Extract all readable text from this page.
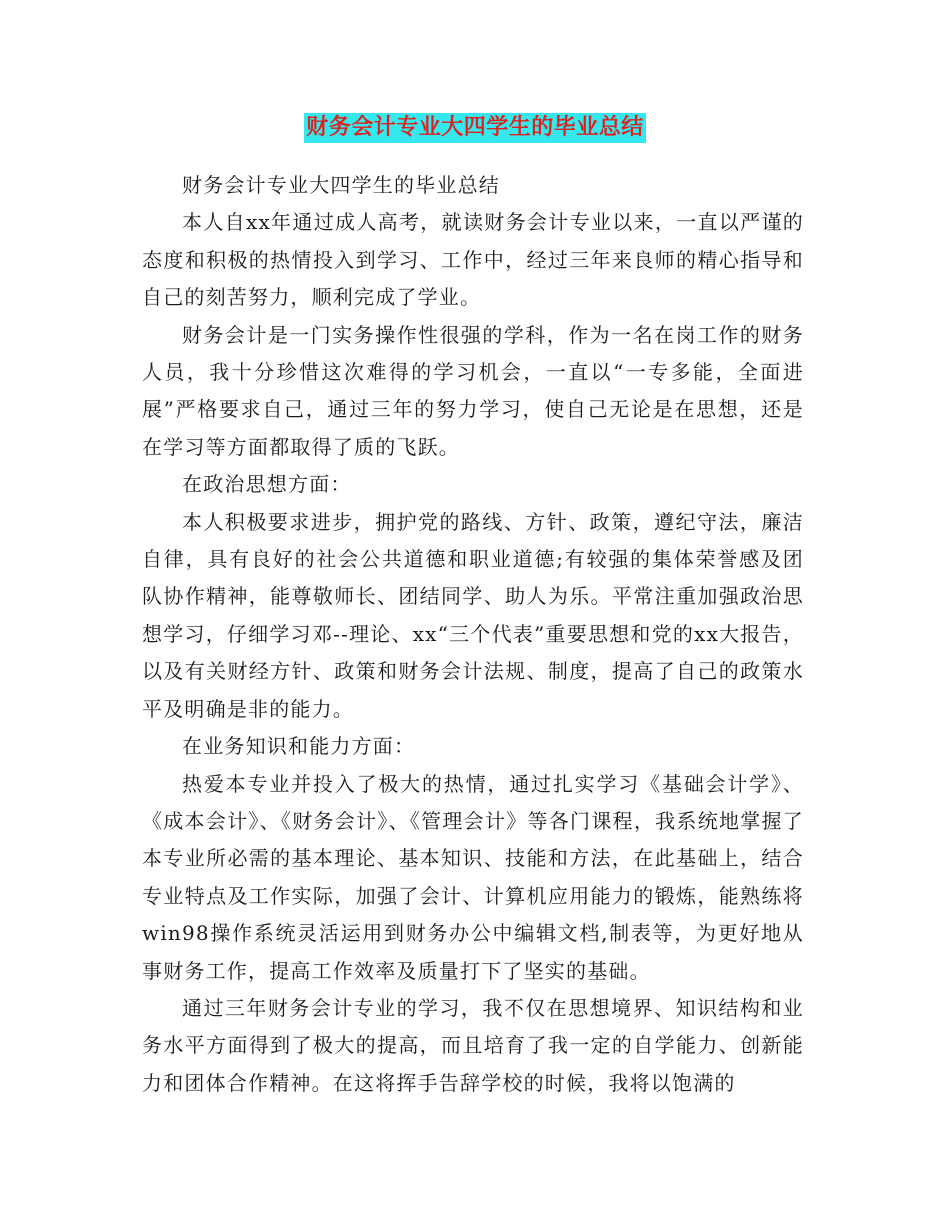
财务会计专业大四学生的毕业总结

财务会计专业大四学生的毕业总结

本人自xx年通过成人高考，就读财务会计专业以来，一直以严谨的态度和积极的热情投入到学习、工作中，经过三年来良师的精心指导和自己的刻苦努力，顺利完成了学业。

财务会计是一门实务操作性很强的学科，作为一名在岗工作的财务人员，我十分珍惜这次难得的学习机会，一直以“一专多能，全面进展”严格要求自己，通过三年的努力学习，使自己无论是在思想，还是在学习等方面都取得了质的飞跃。

在政治思想方面：

本人积极要求进步，拥护党的路线、方针、政策，遵纪守法，廉洁自律，具有良好的社会公共道德和职业道德;有较强的集体荣誉感及团队协作精神，能尊敬师长、团结同学、助人为乐。平常注重加强政治思想学习，仔细学习邓--理论、xx“三个代表”重要思想和党的xx大报告，以及有关财经方针、政策和财务会计法规、制度，提高了自己的政策水平及明确是非的能力。

在业务知识和能力方面：

热爱本专业并投入了极大的热情，通过扎实学习《基础会计学》、《成本会计》、《财务会计》、《管理会计》等各门课程，我系统地掌握了本专业所必需的基本理论、基本知识、技能和方法，在此基础上，结合专业特点及工作实际，加强了会计、计算机应用能力的锻炼，能熟练将win98操作系统灵活运用到财务办公中编辑文档,制表等，为更好地从事财务工作，提高工作效率及质量打下了坚实的基础。

通过三年财务会计专业的学习，我不仅在思想境界、知识结构和业务水平方面得到了极大的提高，而且培育了我一定的自学能力、创新能力和团体合作精神。在这将挥手告辞学校的时候，我将以饱满的
